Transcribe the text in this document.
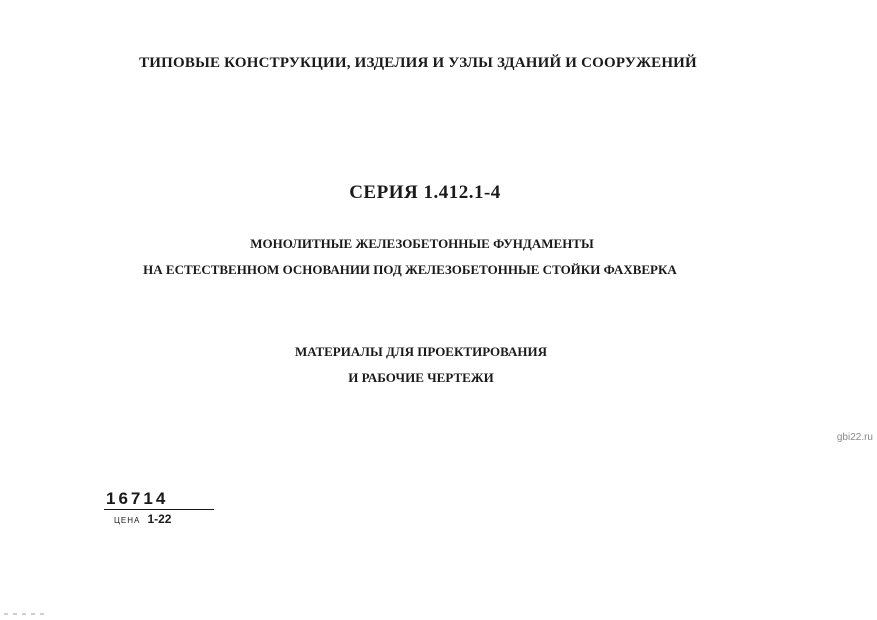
ТИПОВЫЕ КОНСТРУКЦИИ, ИЗДЕЛИЯ И УЗЛЫ ЗДАНИЙ И СООРУЖЕНИЙ
СЕРИЯ 1.412.1-4
МОНОЛИТНЫЕ ЖЕЛЕЗОБЕТОННЫЕ ФУНДАМЕНТЫ
НА ЕСТЕСТВЕННОМ ОСНОВАНИИ ПОД ЖЕЛЕЗОБЕТОННЫЕ СТОЙКИ ФАХВЕРКА
МАТЕРИАЛЫ ДЛЯ ПРОЕКТИРОВАНИЯ
И РАБОЧИЕ ЧЕРТЕЖИ
gbi22.ru
16714
ЦЕНА 1-22
